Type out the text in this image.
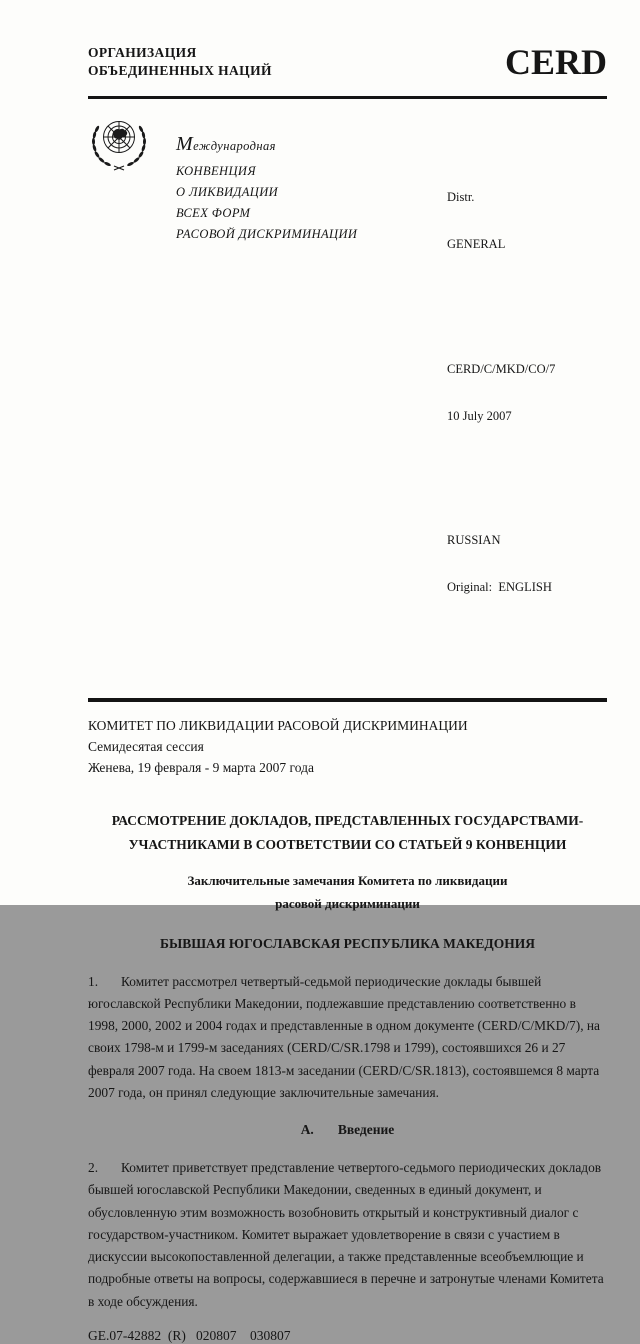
ОРГАНИЗАЦИЯ
ОБЪЕДИНЕННЫХ НАЦИЙ	CERD
Международная
КОНВЕНЦИЯ
О ЛИКВИДАЦИИ
ВСЕХ ФОРМ
РАСОВОЙ ДИСКРИМИНАЦИИ

Distr.

GENERAL

CERD/C/MKD/CO/7

10 July 2007

RUSSIAN

Original:  ENGLISH

КОМИТЕТ ПО ЛИКВИДАЦИИ РАСОВОЙ ДИСКРИМИНАЦИИ
Семидесятая сессия
Женева, 19 февраля - 9 марта 2007 года
РАССМОТРЕНИЕ ДОКЛАДОВ, ПРЕДСТАВЛЕННЫХ ГОСУДАРСТВАМИ-
УЧАСТНИКАМИ В СООТВЕТСТВИИ СО СТАТЬЕЙ 9 КОНВЕНЦИИ
Заключительные замечания Комитета по ликвидации
расовой дискриминации
БЫВШАЯ ЮГОСЛАВСКАЯ РЕСПУБЛИКА МАКЕДОНИЯ

1. Комитет рассмотрел четвертый-седьмой периодические доклады бывшей югославской Республики Македонии, подлежавшие представлению соответственно в 1998, 2000, 2002 и 2004 годах и представленные в одном документе (CERD/C/MKD/7), на своих 1798-м и 1799-м заседаниях (CERD/C/SR.1798 и 1799), состоявшихся 26 и 27 февраля 2007 года. На своем 1813-м заседании (CERD/C/SR.1813), состоявшемся 8 марта 2007 года, он принял следующие заключительные замечания.

А. Введение

2. Комитет приветствует представление четвертого-седьмого периодических докладов бывшей югославской Республики Македонии, сведенных в единый документ, и обусловленную этим возможность возобновить открытый и конструктивный диалог с государством-участником. Комитет выражает удовлетворение в связи с участием в дискуссии высокопоставленной делегации, а также представленные всеобъемлющие и подробные ответы на вопросы, содержавшиеся в перечне и затронутые членами Комитета в ходе обсуждения.

GE.07-42882  (R)   020807    030807
